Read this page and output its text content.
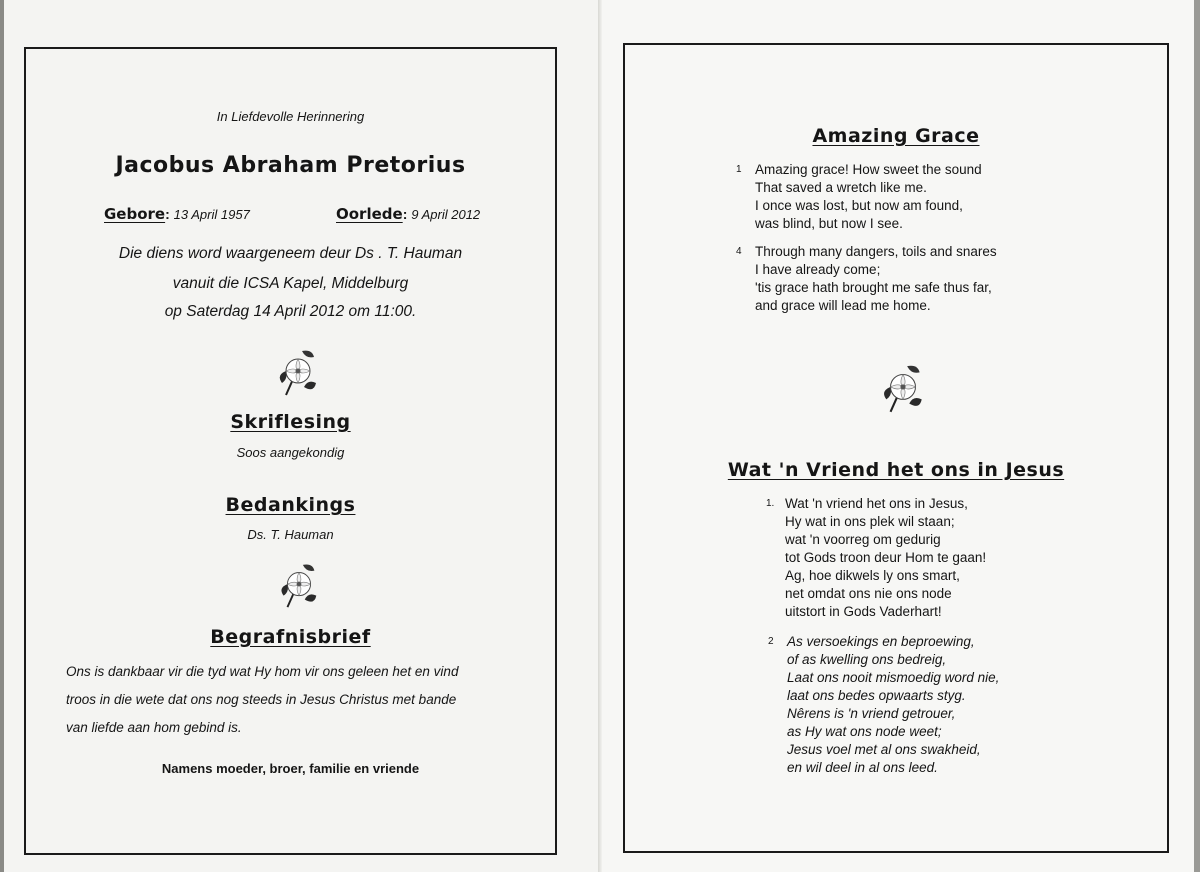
In Liefdevolle Herinnering
Jacobus Abraham Pretorius
Gebore: 13 April 1957	Oorlede: 9 April 2012
Die diens word waargeneem deur Ds . T. Hauman
vanuit die ICSA Kapel, Middelburg
op Saterdag 14 April 2012 om 11:00.
Skriflesing
Soos aangekondig
Bedankings
Ds. T. Hauman
Begrafnisbrief
Ons is dankbaar vir die tyd wat Hy hom vir ons geleen het en vind
troos in die wete dat ons nog steeds in Jesus Christus met bande
van liefde aan hom gebind is.
Namens moeder, broer, familie en vriende
Amazing Grace
1 Amazing grace! How sweet the sound
That saved a wretch like me.
I once was lost, but now am found,
was blind, but now I see.
4 Through many dangers, toils and snares
I have already come;
'tis grace hath brought me safe thus far,
and grace will lead me home.
Wat 'n Vriend het ons in Jesus
1. Wat 'n vriend het ons in Jesus,
Hy wat in ons plek wil staan;
wat 'n voorreg om gedurig
tot Gods troon deur Hom te gaan!
Ag, hoe dikwels ly ons smart,
net omdat ons nie ons node
uitstort in Gods Vaderhart!
2 As versoekings en beproewing,
of as kwelling ons bedreig,
Laat ons nooit mismoedig word nie,
laat ons bedes opwaarts styg.
Nêrens is 'n vriend getrouer,
as Hy wat ons node weet;
Jesus voel met al ons swakheid,
en wil deel in al ons leed.
